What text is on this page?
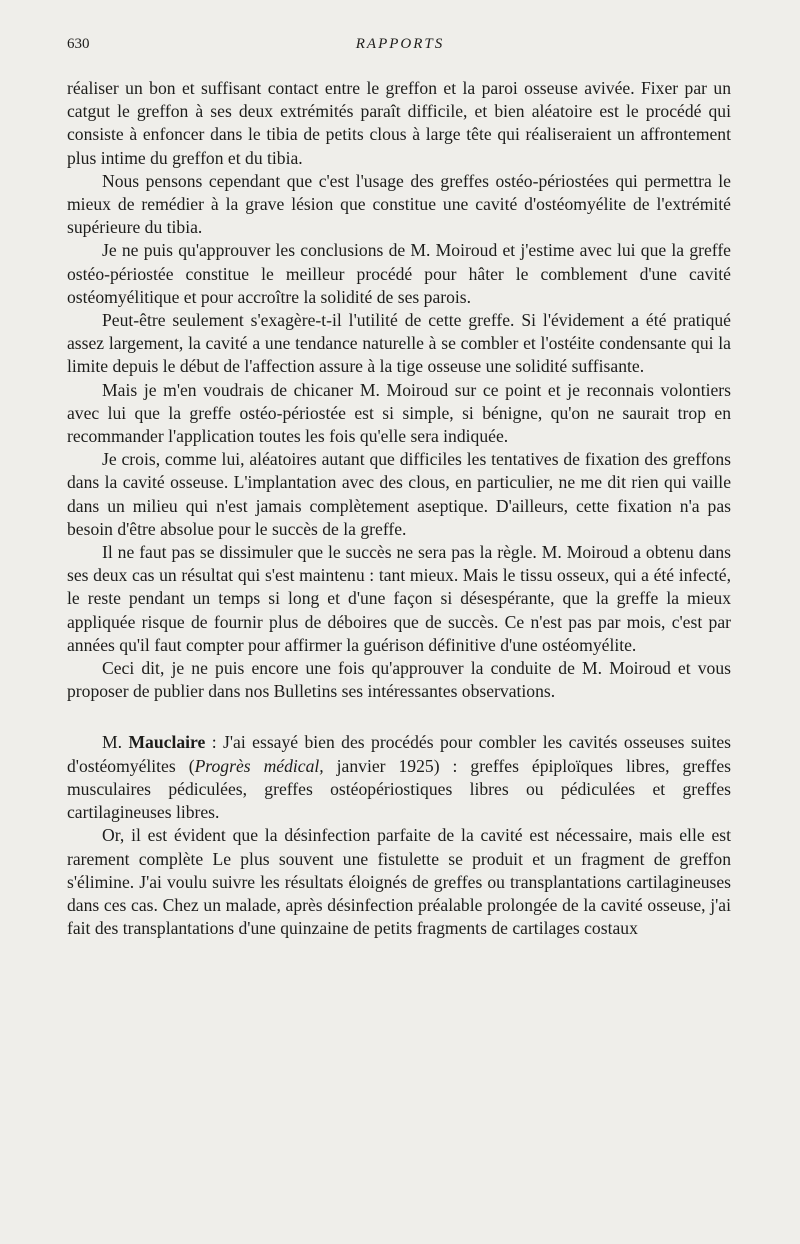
630	RAPPORTS

réaliser un bon et suffisant contact entre le greffon et la paroi osseuse avivée. Fixer par un catgut le greffon à ses deux extrémités paraît difficile, et bien aléatoire est le procédé qui consiste à enfoncer dans le tibia de petits clous à large tête qui réaliseraient un affrontement plus intime du greffon et du tibia.

Nous pensons cependant que c'est l'usage des greffes ostéo-périostées qui permettra le mieux de remédier à la grave lésion que constitue une cavité d'ostéomyélite de l'extrémité supérieure du tibia.

Je ne puis qu'approuver les conclusions de M. Moiroud et j'estime avec lui que la greffe ostéo-périostée constitue le meilleur procédé pour hâter le comblement d'une cavité ostéomyélitique et pour accroître la solidité de ses parois.

Peut-être seulement s'exagère-t-il l'utilité de cette greffe. Si l'évidement a été pratiqué assez largement, la cavité a une tendance naturelle à se combler et l'ostéite condensante qui la limite depuis le début de l'affection assure à la tige osseuse une solidité suffisante.

Mais je m'en voudrais de chicaner M. Moiroud sur ce point et je reconnais volontiers avec lui que la greffe ostéo-périostée est si simple, si bénigne, qu'on ne saurait trop en recommander l'application toutes les fois qu'elle sera indiquée.

Je crois, comme lui, aléatoires autant que difficiles les tentatives de fixation des greffons dans la cavité osseuse. L'implantation avec des clous, en particulier, ne me dit rien qui vaille dans un milieu qui n'est jamais complètement aseptique. D'ailleurs, cette fixation n'a pas besoin d'être absolue pour le succès de la greffe.

Il ne faut pas se dissimuler que le succès ne sera pas la règle. M. Moiroud a obtenu dans ses deux cas un résultat qui s'est maintenu : tant mieux. Mais le tissu osseux, qui a été infecté, le reste pendant un temps si long et d'une façon si désespérante, que la greffe la mieux appliquée risque de fournir plus de déboires que de succès. Ce n'est pas par mois, c'est par années qu'il faut compter pour affirmer la guérison définitive d'une ostéomyélite.

Ceci dit, je ne puis encore une fois qu'approuver la conduite de M. Moiroud et vous proposer de publier dans nos Bulletins ses intéressantes observations.

M. Mauclaire : J'ai essayé bien des procédés pour combler les cavités osseuses suites d'ostéomyélites (Progrès médical, janvier 1925) : greffes épiploïques libres, greffes musculaires pédiculées, greffes ostéopériostiques libres ou pédiculées et greffes cartilagineuses libres.

Or, il est évident que la désinfection parfaite de la cavité est nécessaire, mais elle est rarement complète Le plus souvent une fistulette se produit et un fragment de greffon s'élimine. J'ai voulu suivre les résultats éloignés de greffes ou transplantations cartilagineuses dans ces cas. Chez un malade, après désinfection préalable prolongée de la cavité osseuse, j'ai fait des transplantations d'une quinzaine de petits fragments de cartilages costaux
